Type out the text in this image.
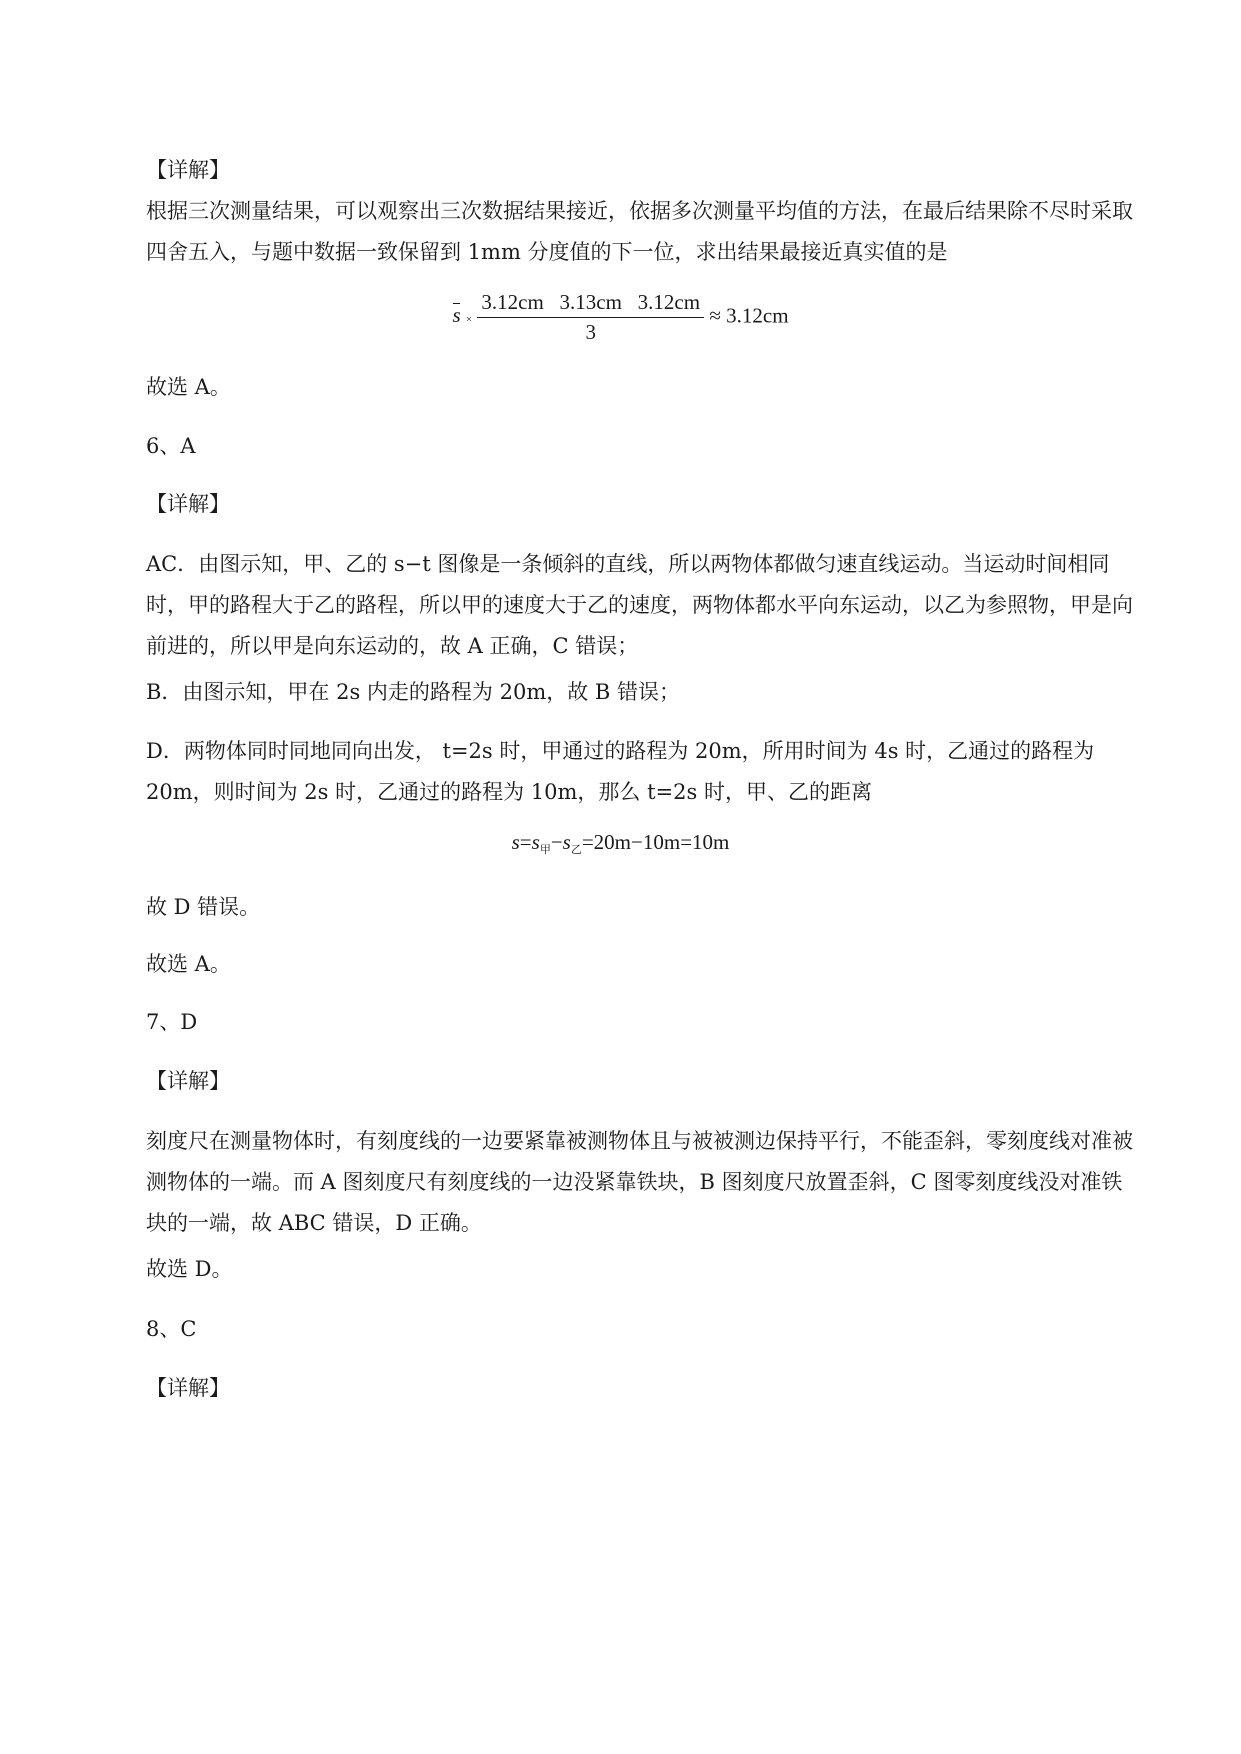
【详解】
根据三次测量结果，可以观察出三次数据结果接近，依据多次测量平均值的方法，在最后结果除不尽时采取四舍五入，与题中数据一致保留到 1mm 分度值的下一位，求出结果最接近真实值的是
$s \times \frac{3.12cm 3.13cm 3.12cm}{3} \approx 3.12cm$
故选 A。
6、A
【详解】
AC．由图示知，甲、乙的 s−t 图像是一条倾斜的直线，所以两物体都做匀速直线运动。当运动时间相同时，甲的路程大于乙的路程，所以甲的速度大于乙的速度，两物体都水平向东运动，以乙为参照物，甲是向前进的，所以甲是向东运动的，故 A 正确，C 错误；
B．由图示知，甲在 2s 内走的路程为 20m，故 B 错误；
D．两物体同时同地同向出发， t=2s 时，甲通过的路程为 20m，所用时间为 4s 时，乙通过的路程为 20m，则时间为 2s 时，乙通过的路程为 10m，那么 t=2s 时，甲、乙的距离
$s=s_甲-s_乙=20m-10m=10m$
故 D 错误。
故选 A。
7、D
【详解】
刻度尺在测量物体时，有刻度线的一边要紧靠被测物体且与被被测边保持平行，不能歪斜，零刻度线对准被测物体的一端。而 A 图刻度尺有刻度线的一边没紧靠铁块，B 图刻度尺放置歪斜，C 图零刻度线没对准铁块的一端，故 ABC 错误，D 正确。
故选 D。
8、C
【详解】
